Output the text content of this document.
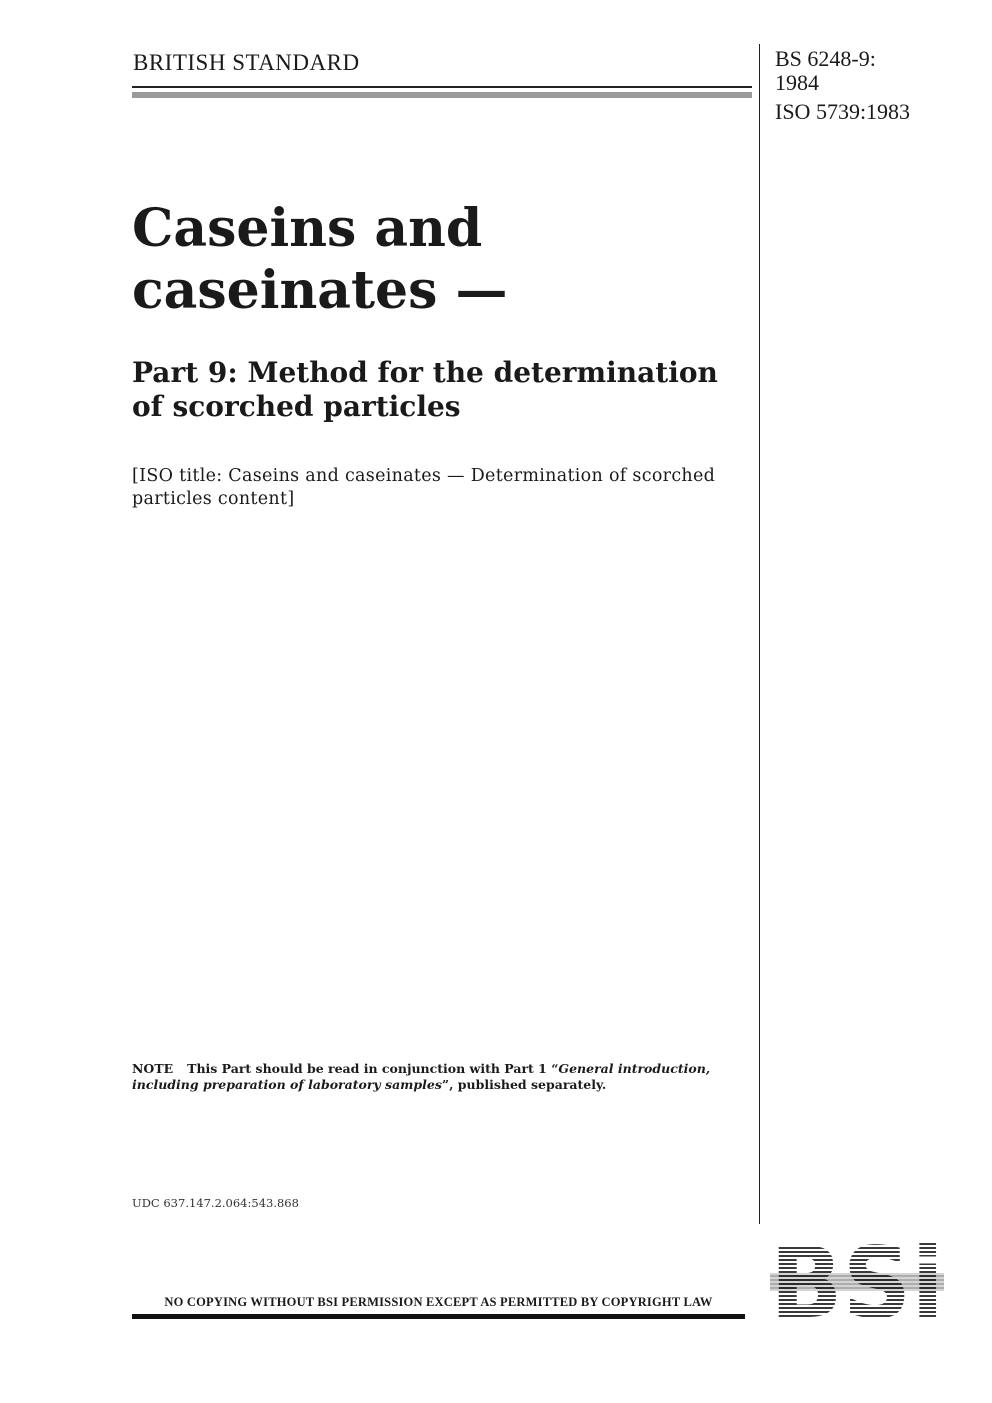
BRITISH STANDARD	BS 6248-9:
1984
ISO 5739:1983
Caseins and
caseinates —
Part 9: Method for the determination of scorched particles

[ISO title: Caseins and caseinates — Determination of scorched particles content]

NOTE This Part should be read in conjunction with Part 1 “General introduction, including preparation of laboratory samples”, published separately.

UDC 637.147.2.064:543.868
NO COPYING WITHOUT BSI PERMISSION EXCEPT AS PERMITTED BY COPYRIGHT LAW BSi
